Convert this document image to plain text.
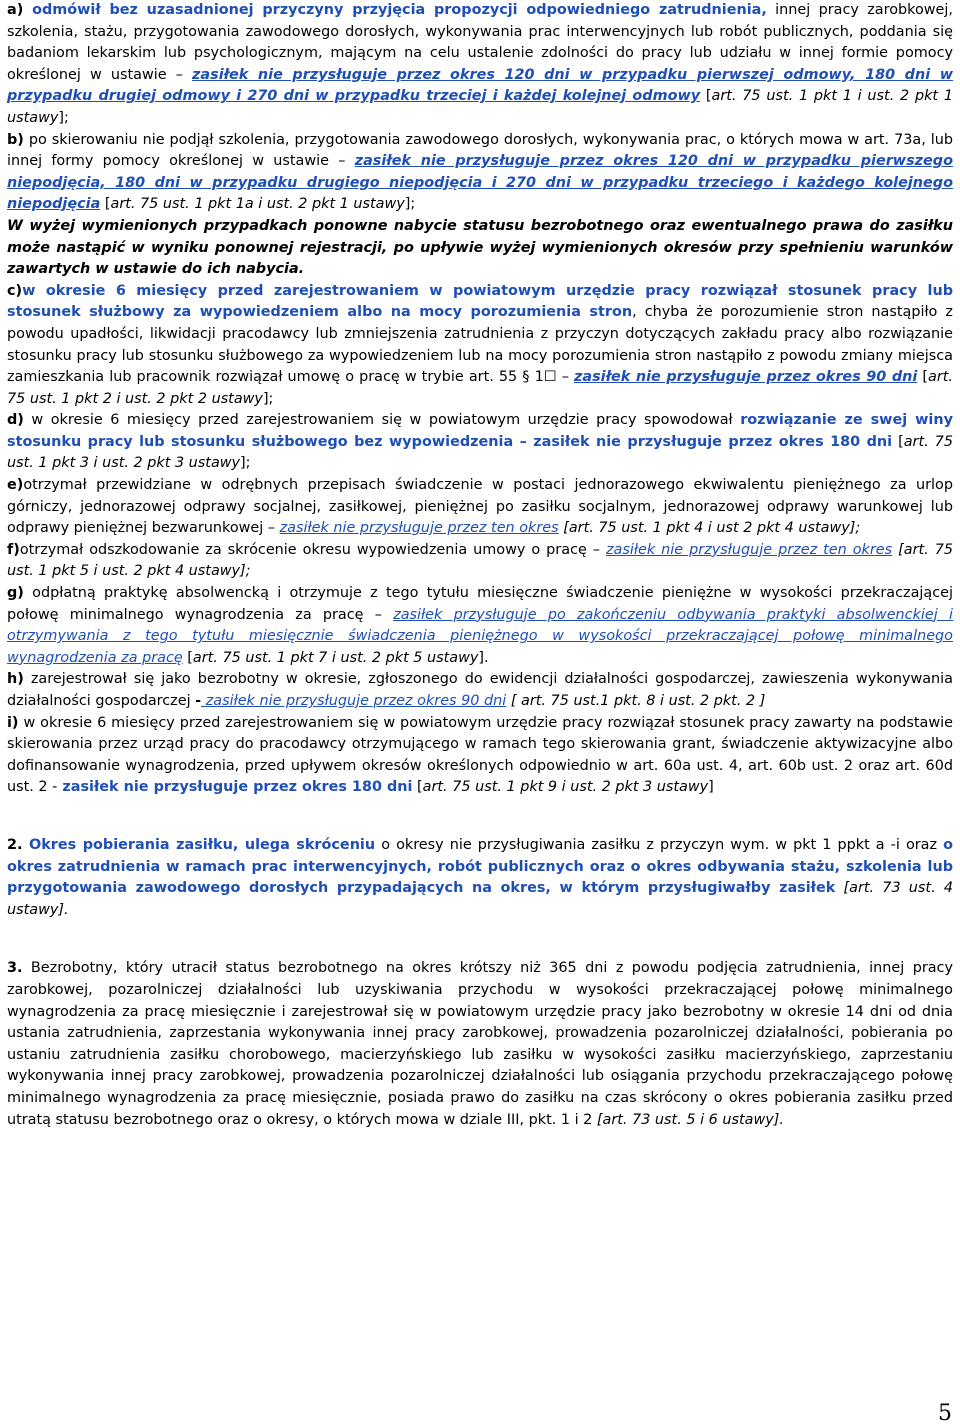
a) odmówił bez uzasadnionej przyczyny przyjęcia propozycji odpowiedniego zatrudnienia, innej pracy zarobkowej, szkolenia, stażu, przygotowania zawodowego dorosłych, wykonywania prac interwencyjnych lub robót publicznych, poddania się badaniom lekarskim lub psychologicznym, mającym na celu ustalenie zdolności do pracy lub udziału w innej formie pomocy określonej w ustawie – zasiłek nie przysługuje przez okres 120 dni w przypadku pierwszej odmowy, 180 dni w przypadku drugiej odmowy i 270 dni w przypadku trzeciej i każdej kolejnej odmowy [art. 75 ust. 1 pkt 1 i ust. 2 pkt 1 ustawy];

b) po skierowaniu nie podjął szkolenia, przygotowania zawodowego dorosłych, wykonywania prac, o których mowa w art. 73a, lub innej formy pomocy określonej w ustawie – zasiłek nie przysługuje przez okres 120 dni w przypadku pierwszego niepodjęcia, 180 dni w przypadku drugiego niepodjęcia i 270 dni w przypadku trzeciego i każdego kolejnego niepodjęcia [art. 75 ust. 1 pkt 1a i ust. 2 pkt 1 ustawy];

W wyżej wymienionych przypadkach ponowne nabycie statusu bezrobotnego oraz ewentualnego prawa do zasiłku może nastąpić w wyniku ponownej rejestracji, po upływie wyżej wymienionych okresów przy spełnieniu warunków zawartych w ustawie do ich nabycia.

c)w okresie 6 miesięcy przed zarejestrowaniem w powiatowym urzędzie pracy rozwiązał stosunek pracy lub stosunek służbowy za wypowiedzeniem albo na mocy porozumienia stron, chyba że porozumienie stron nastąpiło z powodu upadłości, likwidacji pracodawcy lub zmniejszenia zatrudnienia z przyczyn dotyczących zakładu pracy albo rozwiązanie stosunku pracy lub stosunku służbowego za wypowiedzeniem lub na mocy porozumienia stron nastąpiło z powodu zmiany miejsca zamieszkania lub pracownik rozwiązał umowę o pracę w trybie art. 55 § 1☐ – zasiłek nie przysługuje przez okres 90 dni [art. 75 ust. 1 pkt 2 i ust. 2 pkt 2 ustawy];

d) w okresie 6 miesięcy przed zarejestrowaniem się w powiatowym urzędzie pracy spowodował rozwiązanie ze swej winy stosunku pracy lub stosunku służbowego bez wypowiedzenia – zasiłek nie przysługuje przez okres 180 dni [art. 75 ust. 1 pkt 3 i ust. 2 pkt 3 ustawy];

e)otrzymał przewidziane w odrębnych przepisach świadczenie w postaci jednorazowego ekwiwalentu pieniężnego za urlop górniczy, jednorazowej odprawy socjalnej, zasiłkowej, pieniężnej po zasiłku socjalnym, jednorazowej odprawy warunkowej lub odprawy pieniężnej bezwarunkowej – zasiłek nie przysługuje przez ten okres [art. 75 ust. 1 pkt 4 i ust 2 pkt 4 ustawy];

f)otrzymał odszkodowanie za skrócenie okresu wypowiedzenia umowy o pracę – zasiłek nie przysługuje przez ten okres [art. 75 ust. 1 pkt 5 i ust. 2 pkt 4 ustawy];

g) odpłatną praktykę absolwencką i otrzymuje z tego tytułu miesięczne świadczenie pieniężne w wysokości przekraczającej połowę minimalnego wynagrodzenia za pracę – zasiłek przysługuje po zakończeniu odbywania praktyki absolwenckiej i otrzymywania z tego tytułu miesięcznie świadczenia pieniężnego w wysokości przekraczającej połowę minimalnego wynagrodzenia za pracę [art. 75 ust. 1 pkt 7 i ust. 2 pkt 5 ustawy].

h) zarejestrował się jako bezrobotny w okresie, zgłoszonego do ewidencji działalności gospodarczej, zawieszenia wykonywania działalności gospodarczej - zasiłek nie przysługuje przez okres 90 dni [ art. 75 ust.1 pkt. 8 i ust. 2 pkt. 2 ]

i) w okresie 6 miesięcy przed zarejestrowaniem się w powiatowym urzędzie pracy rozwiązał stosunek pracy zawarty na podstawie skierowania przez urząd pracy do pracodawcy otrzymującego w ramach tego skierowania grant, świadczenie aktywizacyjne albo dofinansowanie wynagrodzenia, przed upływem okresów określonych odpowiednio w art. 60a ust. 4, art. 60b ust. 2 oraz art. 60d ust. 2 - zasiłek nie przysługuje przez okres 180 dni [art. 75 ust. 1 pkt 9 i ust. 2 pkt 3 ustawy]

2. Okres pobierania zasiłku, ulega skróceniu o okresy nie przysługiwania zasiłku z przyczyn wym. w pkt 1 ppkt a -i oraz o okres zatrudnienia w ramach prac interwencyjnych, robót publicznych oraz o okres odbywania stażu, szkolenia lub przygotowania zawodowego dorosłych przypadających na okres, w którym przysługiwałby zasiłek [art. 73 ust. 4 ustawy].

3. Bezrobotny, który utracił status bezrobotnego na okres krótszy niż 365 dni z powodu podjęcia zatrudnienia, innej pracy zarobkowej, pozarolniczej działalności lub uzyskiwania przychodu w wysokości przekraczającej połowę minimalnego wynagrodzenia za pracę miesięcznie i zarejestrował się w powiatowym urzędzie pracy jako bezrobotny w okresie 14 dni od dnia ustania zatrudnienia, zaprzestania wykonywania innej pracy zarobkowej, prowadzenia pozarolniczej działalności, pobierania po ustaniu zatrudnienia zasiłku chorobowego, macierzyńskiego lub zasiłku w wysokości zasiłku macierzyńskiego, zaprzestaniu wykonywania innej pracy zarobkowej, prowadzenia pozarolniczej działalności lub osiągania przychodu przekraczającego połowę minimalnego wynagrodzenia za pracę miesięcznie, posiada prawo do zasiłku na czas skrócony o okres pobierania zasiłku przed utratą statusu bezrobotnego oraz o okresy, o których mowa w dziale III, pkt. 1 i 2 [art. 73 ust. 5 i 6 ustawy].

5
